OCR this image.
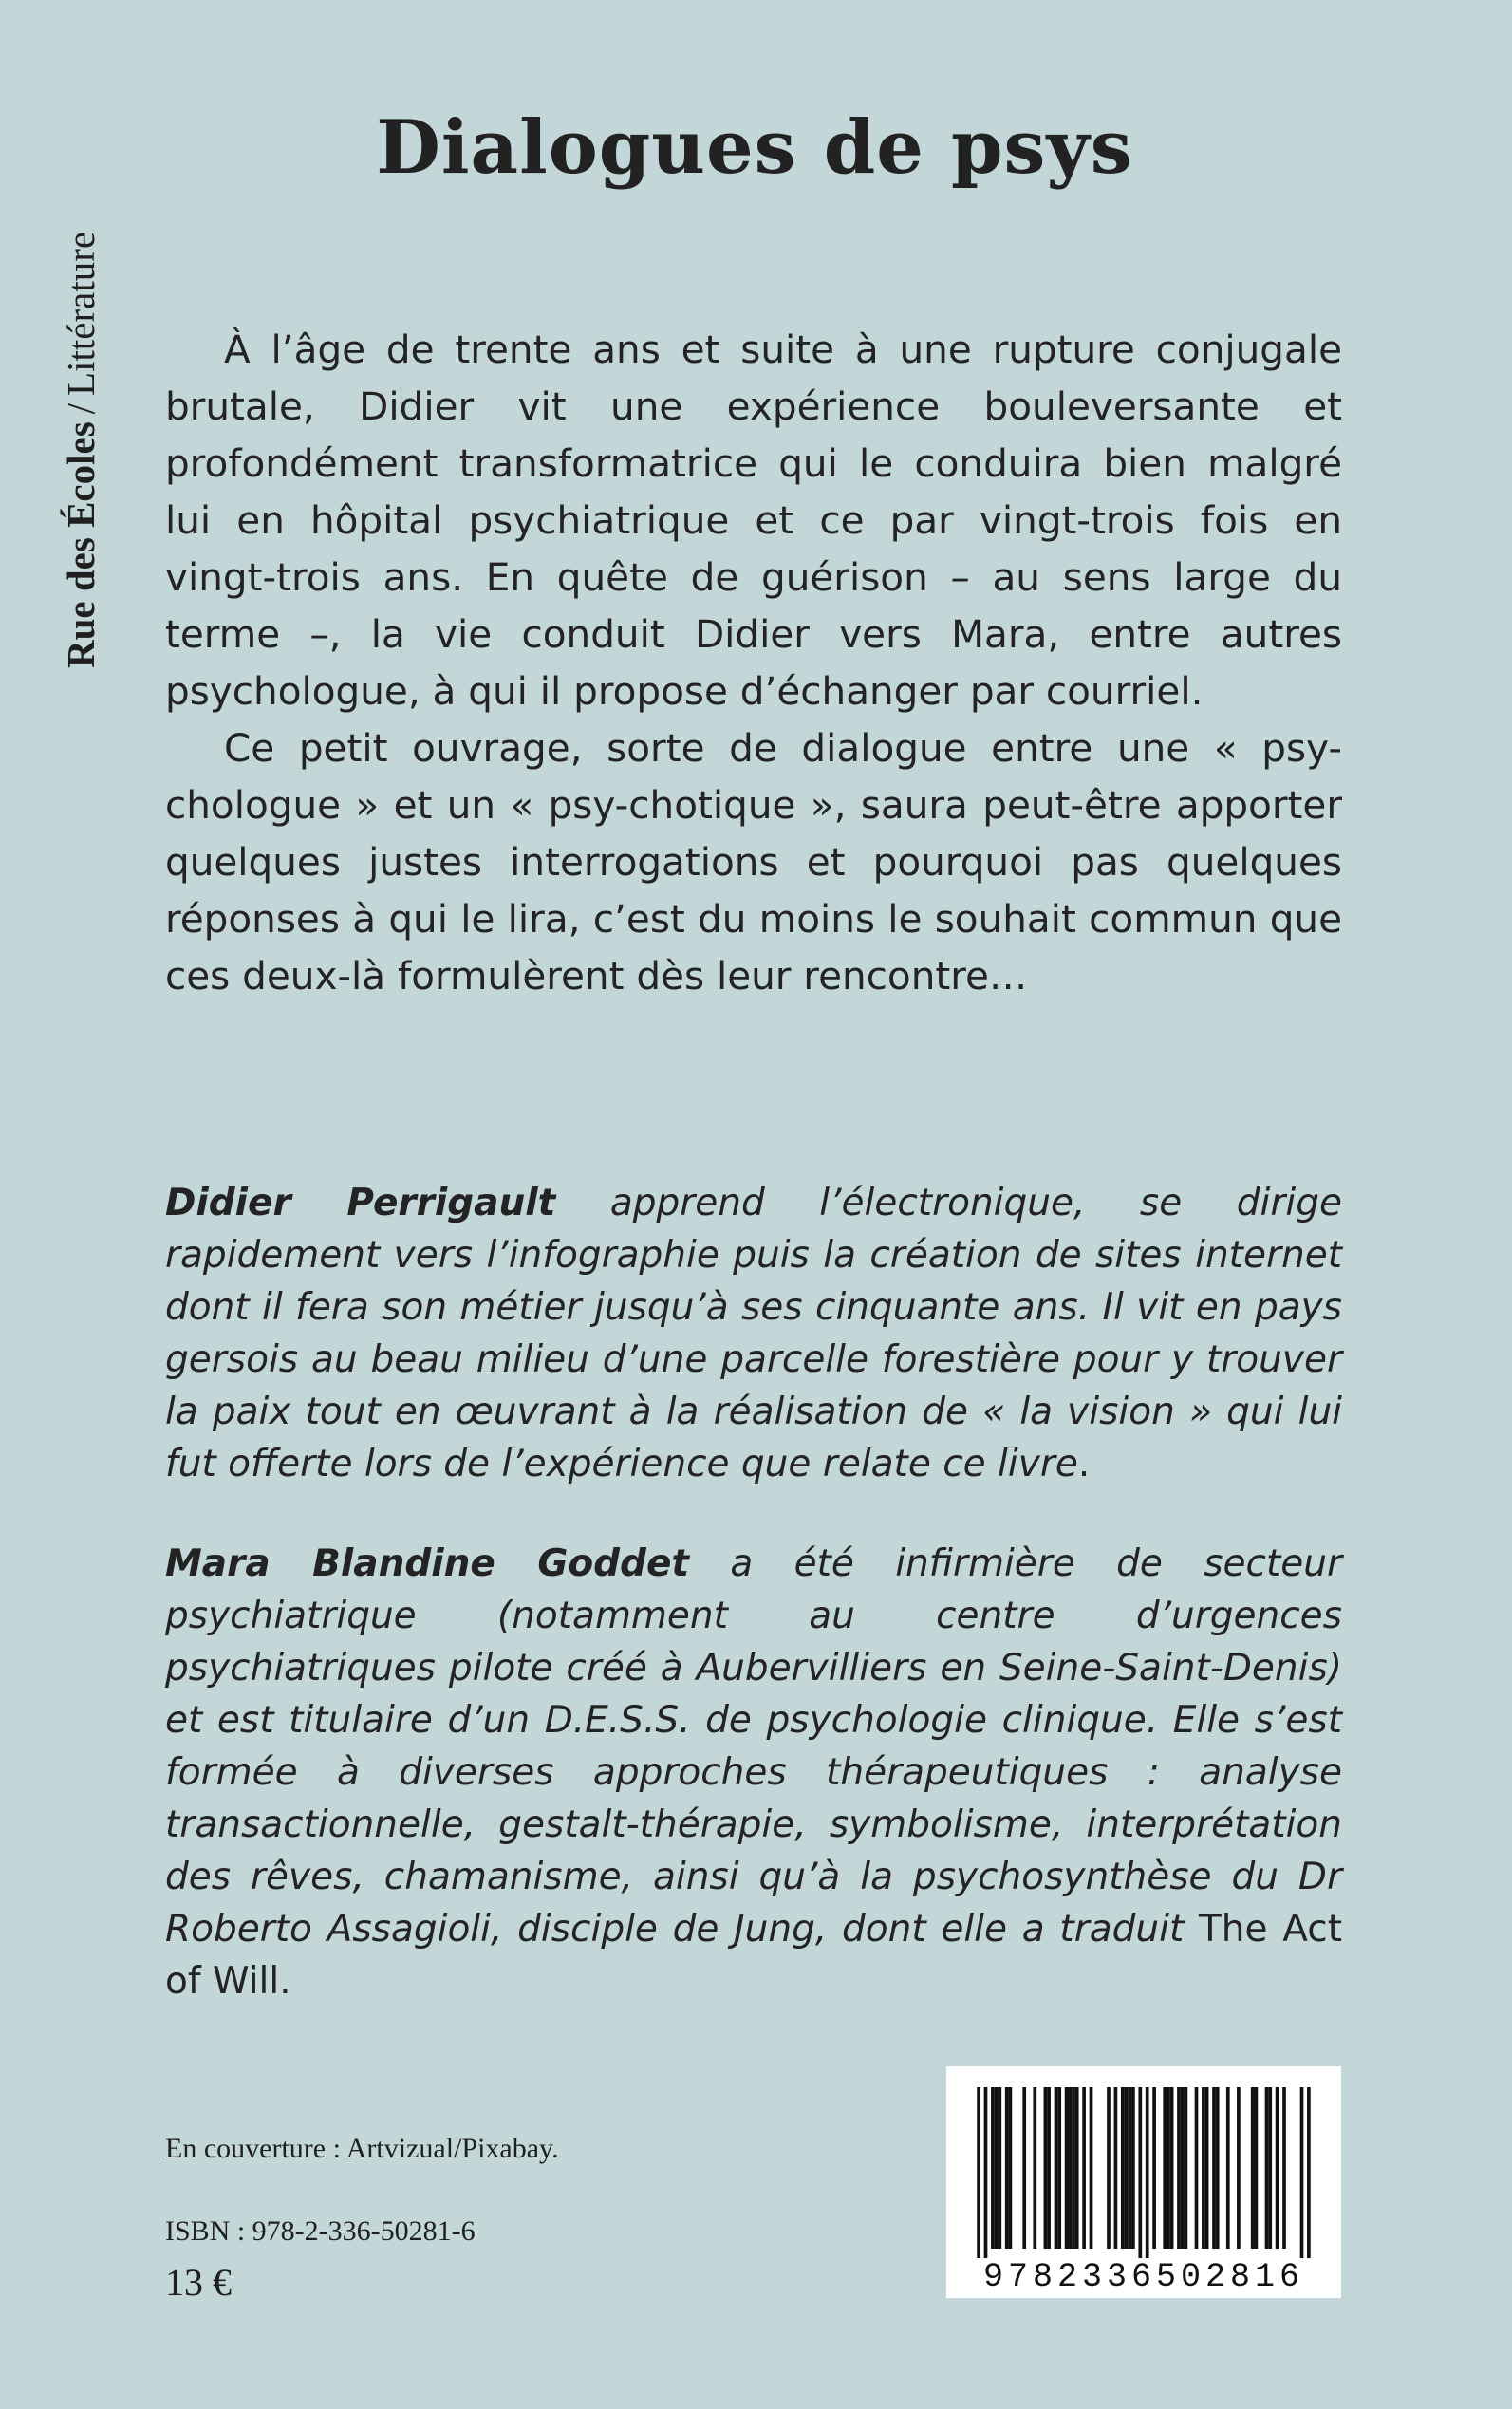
Rue des Écoles/Littérature
Dialogues de psys

À l’âge de trente ans et suite à une rupture conjugale brutale, Didier vit une expérience bouleversante et profondément transformatrice qui le conduira bien malgré lui en hôpital psychiatrique et ce par vingt-trois fois en vingt-trois ans. En quête de guérison – au sens large du terme –, la vie conduit Didier vers Mara, entre autres psychologue, à qui il propose d’échanger par courriel.

Ce petit ouvrage, sorte de dialogue entre une « psy-chologue » et un « psy-chotique », saura peut-être apporter quelques justes interrogations et pourquoi pas quelques réponses à qui le lira, c’est du moins le souhait commun que ces deux-là formulèrent dès leur rencontre…

Didier Perrigault apprend l’électronique, se dirige rapidement vers l’infographie puis la création de sites internet dont il fera son métier jusqu’à ses cinquante ans. Il vit en pays gersois au beau milieu d’une parcelle forestière pour y trouver la paix tout en œuvrant à la réalisation de « la vision » qui lui fut offerte lors de l’expérience que relate ce livre.

Mara Blandine Goddet a été infirmière de secteur psychiatrique (notamment au centre d’urgences psychiatriques pilote créé à Aubervilliers en Seine-Saint-Denis) et est titulaire d’un D.E.S.S. de psychologie clinique. Elle s’est formée à diverses approches thérapeutiques : analyse transactionnelle, gestalt-thérapie, symbolisme, interprétation des rêves, chamanisme, ainsi qu’à la psychosynthèse du Dr Roberto Assagioli, disciple de Jung, dont elle a traduit The Act of Will.

En couverture : Artvizual/Pixabay.

ISBN : 978-2-336-50281-6

13 €	9782336502816
